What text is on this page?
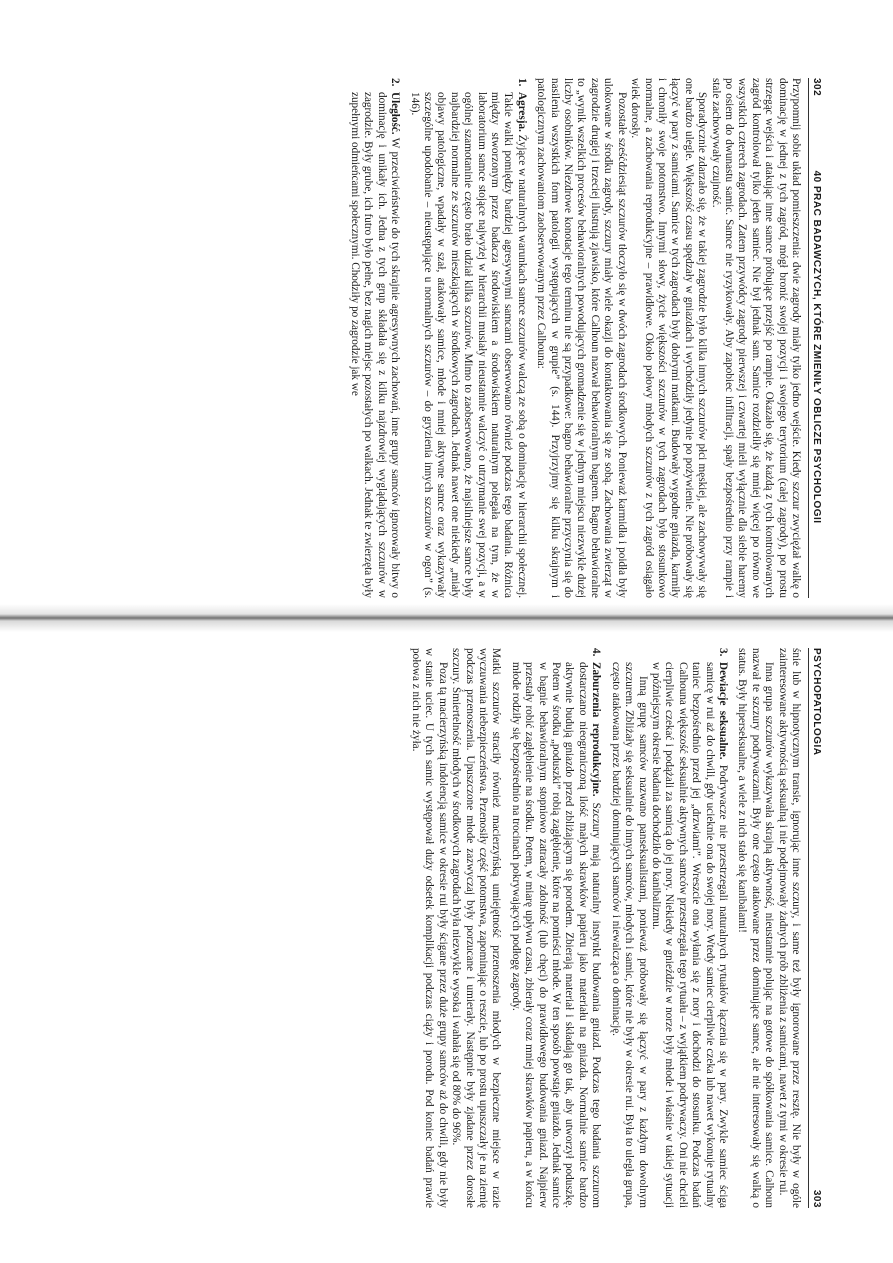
302
40 PRAC BADAWCZYCH, KTÓRE ZMIENIŁY OBLICZE PSYCHOLOGII

Przypomnij sobie układ pomieszczenia: dwie zagrody miały tylko jedno wejście. Kiedy szczur zwyciężał walkę o dominację w jednej z tych zagród, mógł bronić swojej pozycji i swojego terytorium (całej zagrody), po prostu strzegąc wejścia i atakując inne samce próbujące przejść po rampie. Okazało się, że każdą z tych kontrolowanych zagród kontrolował tylko jeden samiec. Nie był jednak sam. Samice rozdzieliły się mniej więcej po równo we wszystkich czterech zagrodach. Zatem przywódcy zagrody pierwszej i czwartej mieli wyłącznie dla siebie haremy po osiem do dwunastu samic. Samce nie ryzykowały. Aby zapobiec infiltracji, spały bezpośrednio przy rampie i stale zachowywały czujność.

Sporadycznie zdarzało się, że w takiej zagrodzie było kilka innych szczurów płci męskiej, ale zachowywały się one bardzo ulegle. Większość czasu spędzały w gniazdach i wychodziły jedynie po pożywienie. Nie próbowały się łączyć w pary z samicami. Samice w tych zagrodach były dobrymi matkami. Budowały wygodne gniazda, karmiły i chroniły swoje potomstwo. Innymi słowy, życie większości szczurów w tych zagrodach było stosunkowo normalne, a zachowania reprodukcyjne – prawidłowe. Około połowy młodych szczurów z tych zagród osiągało wiek dorosły.

Pozostałe sześćdziesiąt szczurów tłoczyło się w dwóch zagrodach środkowych. Ponieważ karmidła i poidła były ulokowane w środku zagrody, szczury miały wiele okazji do kontaktowania się ze sobą. Zachowania zwierząt w zagrodzie drugiej i trzeciej ilustrują zjawisko, które Calhoun nazwał behawioralnym bagnem. Bagno behawioralne to „wynik wszelkich procesów behawioralnych powodujących gromadzenie się w jednym miejscu niezwykle dużej liczby osobników. Niezdrowe konotacje tego terminu nie są przypadkowe: bagno behawioralne przyczynia się do nasilenia wszystkich form patologii występujących w grupie” (s. 144). Przyjrzyjmy się kilku skrajnym i patologicznym zachowaniom zaobserwowanym przez Calhouna:

1.

Agresja. Żyjące w naturalnych warunkach samce szczurów walczą ze sobą o dominację w hierarchii społecznej. Takie walki pomiędzy bardziej agresywnymi samcami obserwowano również podczas tego badania. Różnica między stworzonym przez badacza środowiskiem a środowiskiem naturalnym polegała na tym, że w laboratorium samce stojące najwyżej w hierarchii musiały nieustannie walczyć o utrzymanie swej pozycji, a w ogólnej szamotaninie często brało udział kilka szczurów. Mimo to zaobserwowano, że najsilniejsze samce były najbardziej normalne ze szczurów mieszkających w środkowych zagrodach. Jednak nawet one niekiedy „miały objawy patologiczne, wpadały w szał, atakowały samice, młode i mniej aktywne samce oraz wykazywały szczególne upodobanie – nieustępujące u normalnych szczurów – do gryzienia innych szczurów w ogon” (s. 146).

2.

Uległość. W przeciwieństwie do tych skrajnie agresywnych zachowań, inne grupy samców ignorowały bitwy o dominację i unikały ich. Jedna z tych grup składała się z kilku najzdrowiej wyglądających szczurów w zagrodzie. Były grube, ich futro było pełne, bez nagich miejsc pozostałych po walkach. Jednak te zwierzęta były zupełnymi odmieńcami społecznymi. Chodziły po zagrodzie jak we

PSYCHOPATOLOGIA
303

śnie lub w hipnotycznym transie, ignorując inne szczury, i same też były ignorowane przez resztę. Nie były w ogóle zainteresowane aktywnością seksualną i nie podejmowały żadnych prób zbliżenia z samicami, nawet z tymi w okresie rui.

Inna grupa szczurów wykazywała skrajną aktywność, nieustannie polując na gotowe do spółkowania samice. Calhoun nazwał te szczury podrywaczami. Były one często atakowane przez dominujące samce, ale nie interesowały się walką o status. Były hiperseksualne, a wiele z nich stało się kanibalami!

3.

Dewiacje seksualne. Podrywacze nie przestrzegali naturalnych rytuałów łączenia się w pary. Zwykle samiec ściga samicę w rui aż do chwili, gdy ucieknie ona do swojej nory. Wtedy samiec cierpliwie czeka lub nawet wykonuje rytualny taniec bezpośrednio przed jej „drzwiami”. Wreszcie ona wyłania się z nory i dochodzi do stosunku. Podczas badań Calhouna większość seksualnie aktywnych samców przestrzegała tego rytuału – z wyjątkiem podrywaczy. Oni nie chcieli cierpliwie czekać i podążali za samicą do jej nory. Niekiedy w gnieździe w norze były młode i właśnie w takiej sytuacji w późniejszym okresie badania dochodziło do kanibalizmu.

Inną grupę samców nazwano panseksualistami, ponieważ próbowały się łączyć w pary z każdym dowolnym szczurem. Zbliżały się seksualnie do innych samców, młodych i samic, które nie były w okresie rui. Była to uległa grupa, często atakowana przez bardziej dominujących samców i niewalcząca o dominację.

4.

Zaburzenia reprodukcyjne. Szczury mają naturalny instynkt budowania gniazd. Podczas tego badania szczurom dostarczano nieograniczoną ilość małych skrawków papieru jako materiału na gniazda. Normalnie samice bardzo aktywnie budują gniazdo przed zbliżającym się porodem. Zbierają materiał i składają go tak, aby utworzył poduszkę. Potem w środku „poduszki” robią zagłębienie, które na pomieści młode. W ten sposób powstaje gniazdo. Jednak samice w bagnie behawioralnym stopniowo zatracały zdolność (lub chęci) do prawidłowego budowania gniazd. Najpierw przestały robić zagłębienie na środku. Potem, w miarę upływu czasu, zbierały coraz mniej skrawków papieru, a w końcu młode rodziły się bezpośrednio na trocinach pokrywających podłogę zagrody.

Matki szczurów straciły również macierzyńską umiejętność przenoszenia młodych w bezpieczne miejsce w razie wyczuwania niebezpieczeństwa. Przenosiły część potomstwa, zapominając o reszcie, lub po prostu upuszczały je na ziemię podczas przenoszenia. Upuszczone młode zazwyczaj były porzucane i umierały. Następnie były zjadane przez dorosłe szczury. Śmiertelność młodych w środkowych zagrodach była niezwykle wysoka i wahała się od 80% do 96%.

Poza tą macierzyńską indolencją samice w okresie rui były ścigane przez duże grupy samców aż do chwili, gdy nie były w stanie uciec. U tych samic występował duży odsetek komplikacji podczas ciąży i porodu. Pod koniec badań prawie połowa z nich nie żyła.
